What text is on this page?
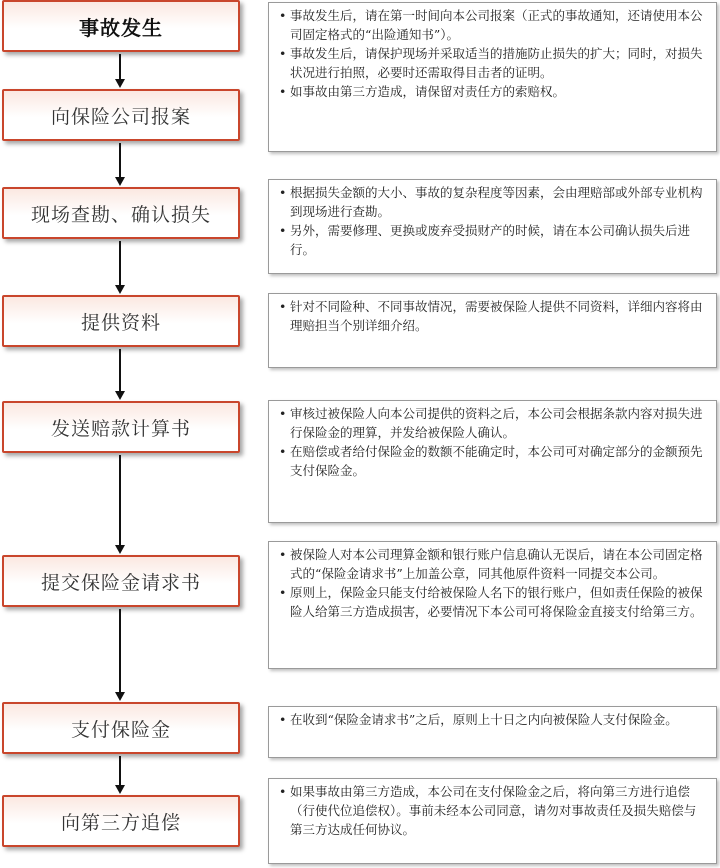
事故发生
向保险公司报案
现场查勘、确认损失
提供资料
发送赔款计算书
提交保险金请求书
支付保险金
向第三方追偿
• 事故发生后，请在第一时间向本公司报案（正式的事故通知，还请使用本公司固定格式的“出险通知书”）。
• 事故发生后，请保护现场并采取适当的措施防止损失的扩大；同时，对损失状况进行拍照，必要时还需取得目击者的证明。
• 如事故由第三方造成，请保留对责任方的索赔权。
• 根据损失金额的大小、事故的复杂程度等因素，会由理赔部或外部专业机构到现场进行查勘。
• 另外，需要修理、更换或废弃受损财产的时候，请在本公司确认损失后进行。
• 针对不同险种、不同事故情况，需要被保险人提供不同资料，详细内容将由理赔担当个别详细介绍。
• 审核过被保险人向本公司提供的资料之后，本公司会根据条款内容对损失进行保险金的理算，并发给被保险人确认。
• 在赔偿或者给付保险金的数额不能确定时，本公司可对确定部分的金额预先支付保险金。
• 被保险人对本公司理算金额和银行账户信息确认无误后，请在本公司固定格式的“保险金请求书”上加盖公章，同其他原件资料一同提交本公司。
• 原则上，保险金只能支付给被保险人名下的银行账户，但如责任保险的被保险人给第三方造成损害，必要情况下本公司可将保险金直接支付给第三方。
• 在收到“保险金请求书”之后，原则上十日之内向被保险人支付保险金。
• 如果事故由第三方造成，本公司在支付保险金之后，将向第三方进行追偿（行使代位追偿权）。事前未经本公司同意，请勿对事故责任及损失赔偿与第三方达成任何协议。
